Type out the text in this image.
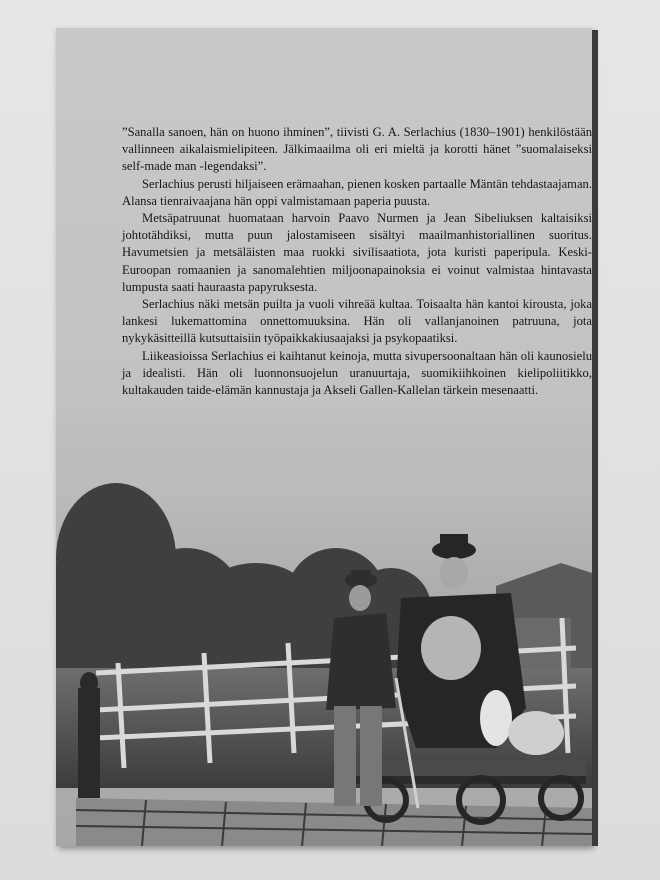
”Sanalla sanoen, hän on huono ihminen”, tiivisti G. A. Serlachius (1830–1901) henkilöstään vallinneen aikalaismielipiteen. Jälkimaailma oli eri mieltä ja korotti hänet ”suomalaiseksi self-made man -legendaksi”.

Serlachius perusti hiljaiseen erämaahan, pienen kosken partaalle Mäntän tehdastaajaman. Alansa tienraivaajana hän oppi valmistamaan paperia puusta.

Metsäpatruunat huomataan harvoin Paavo Nurmen ja Jean Sibeliuksen kaltaisiksi johtotähdiksi, mutta puun jalostamiseen sisältyi maailmanhistoriallinen suoritus. Havumetsien ja metsäläisten maa ruokki sivilisaatiota, jota kuristi paperipula. Keski-Euroopan romaanien ja sanomalehtien miljoonapainoksia ei voinut valmistaa hintavasta lumpusta saati hauraasta papyruksesta.

Serlachius näki metsän puilta ja vuoli vihreää kultaa. Toisaalta hän kantoi kirousta, joka lankesi lukemattomina onnettomuuksina. Hän oli vallanjanoinen patruuna, jota nykykäsitteillä kutsuttaisiin työpaikkakiusaajaksi ja psykopaatiksi.

Liikeasioissa Serlachius ei kaihtanut keinoja, mutta sivupersoonaltaan hän oli kaunosielu ja idealisti. Hän oli luonnonsuojelun uranuurtaja, suomikiihkoinen kielipoliitikko, kultakauden taide-elämän kannustaja ja Akseli Gallen-Kallelan tärkein mesenaatti.
